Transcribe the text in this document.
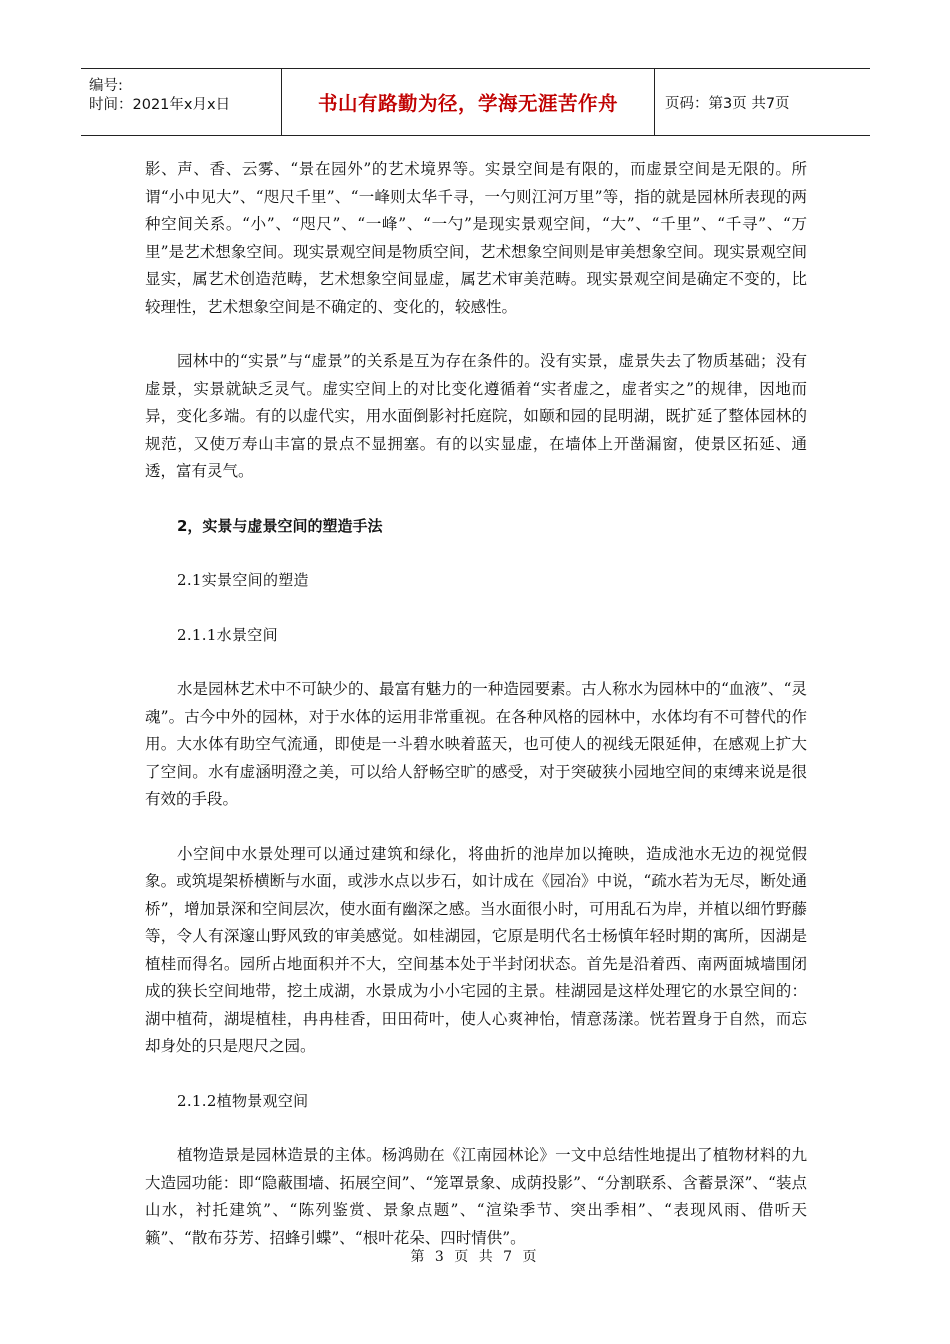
编号:
时间：2021年x月x日	书山有路勤为径，学海无涯苦作舟	页码：第3页 共7页

影、声、香、云雾、“景在园外”的艺术境界等。实景空间是有限的，而虚景空间是无限的。所谓“小中见大”、“咫尺千里”、“一峰则太华千寻，一勺则江河万里”等，指的就是园林所表现的两种空间关系。“小”、“咫尺”、“一峰”、“一勺”是现实景观空间，“大”、“千里”、“千寻”、“万里”是艺术想象空间。现实景观空间是物质空间，艺术想象空间则是审美想象空间。现实景观空间显实，属艺术创造范畴，艺术想象空间显虚，属艺术审美范畴。现实景观空间是确定不变的，比较理性，艺术想象空间是不确定的、变化的，较感性。

园林中的“实景”与“虚景”的关系是互为存在条件的。没有实景，虚景失去了物质基础；没有虚景，实景就缺乏灵气。虚实空间上的对比变化遵循着“实者虚之，虚者实之”的规律，因地而异，变化多端。有的以虚代实，用水面倒影衬托庭院，如颐和园的昆明湖，既扩延了整体园林的规范，又使万寿山丰富的景点不显拥塞。有的以实显虚，在墙体上开凿漏窗，使景区拓延、通透，富有灵气。

2，实景与虚景空间的塑造手法

2.1实景空间的塑造

2.1.1水景空间

水是园林艺术中不可缺少的、最富有魅力的一种造园要素。古人称水为园林中的“血液”、“灵魂”。古今中外的园林，对于水体的运用非常重视。在各种风格的园林中，水体均有不可替代的作用。大水体有助空气流通，即使是一斗碧水映着蓝天，也可使人的视线无限延伸，在感观上扩大了空间。水有虚涵明澄之美，可以给人舒畅空旷的感受，对于突破狭小园地空间的束缚来说是很有效的手段。

小空间中水景处理可以通过建筑和绿化，将曲折的池岸加以掩映，造成池水无边的视觉假象。或筑堤架桥横断与水面，或涉水点以步石，如计成在《园冶》中说，“疏水若为无尽，断处通桥”，增加景深和空间层次，使水面有幽深之感。当水面很小时，可用乱石为岸，并植以细竹野藤等，令人有深邃山野风致的审美感觉。如桂湖园，它原是明代名士杨慎年轻时期的寓所，因湖是植桂而得名。园所占地面积并不大，空间基本处于半封闭状态。首先是沿着西、南两面城墙围闭成的狭长空间地带，挖土成湖，水景成为小小宅园的主景。桂湖园是这样处理它的水景空间的：湖中植荷，湖堤植桂，冉冉桂香，田田荷叶，使人心爽神怡，情意荡漾。恍若置身于自然，而忘却身处的只是咫尺之园。

2.1.2植物景观空间

植物造景是园林造景的主体。杨鸿勋在《江南园林论》一文中总结性地提出了植物材料的九大造园功能：即“隐蔽围墙、拓展空间”、“笼罩景象、成荫投影”、“分割联系、含蓄景深”、“装点山水，衬托建筑”、“陈列鉴赏、景象点题”、“渲染季节、突出季相”、“表现风雨、借听天籁”、“散布芬芳、招蜂引蝶”、“根叶花朵、四时情供”。

第 3 页 共 7 页
